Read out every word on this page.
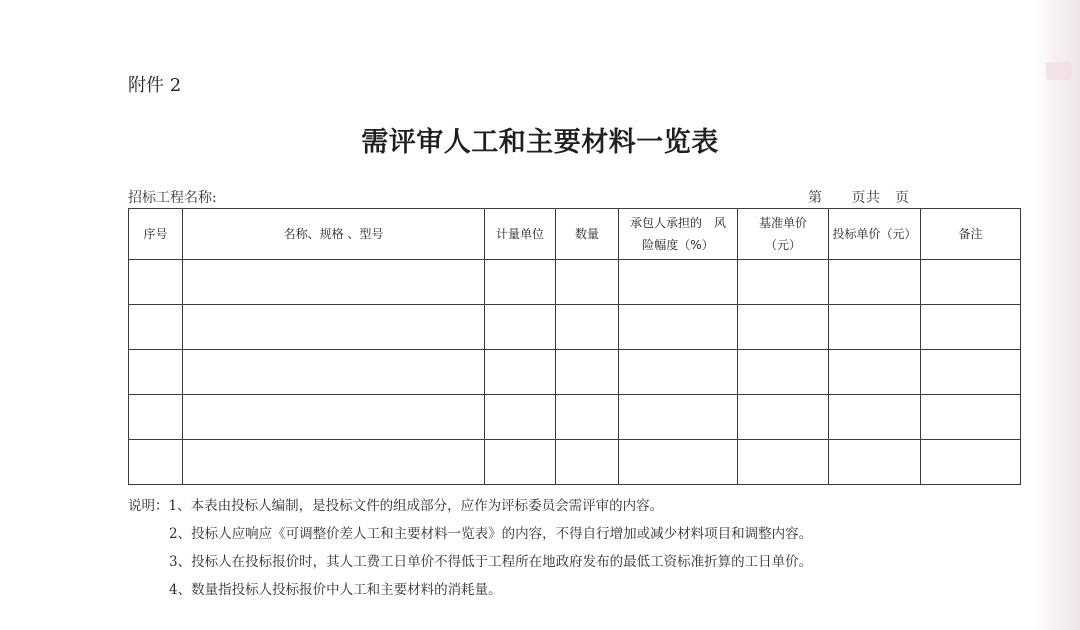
附件 2
需评审人工和主要材料一览表
招标工程名称:	第　　页共　页
序号	名称、规格 、型号	计量单位	数量	承包人承担的　风险幅度（%）	基准单价（元）	投标单价（元）	备注

说明：1、本表由投标人编制，是投标文件的组成部分，应作为评标委员会需评审的内容。
2、投标人应响应《可调整价差人工和主要材料一览表》的内容，不得自行增加或减少材料项目和调整内容。
3、投标人在投标报价时，其人工费工日单价不得低于工程所在地政府发布的最低工资标准折算的工日单价。
4、数量指投标人投标报价中人工和主要材料的消耗量。
